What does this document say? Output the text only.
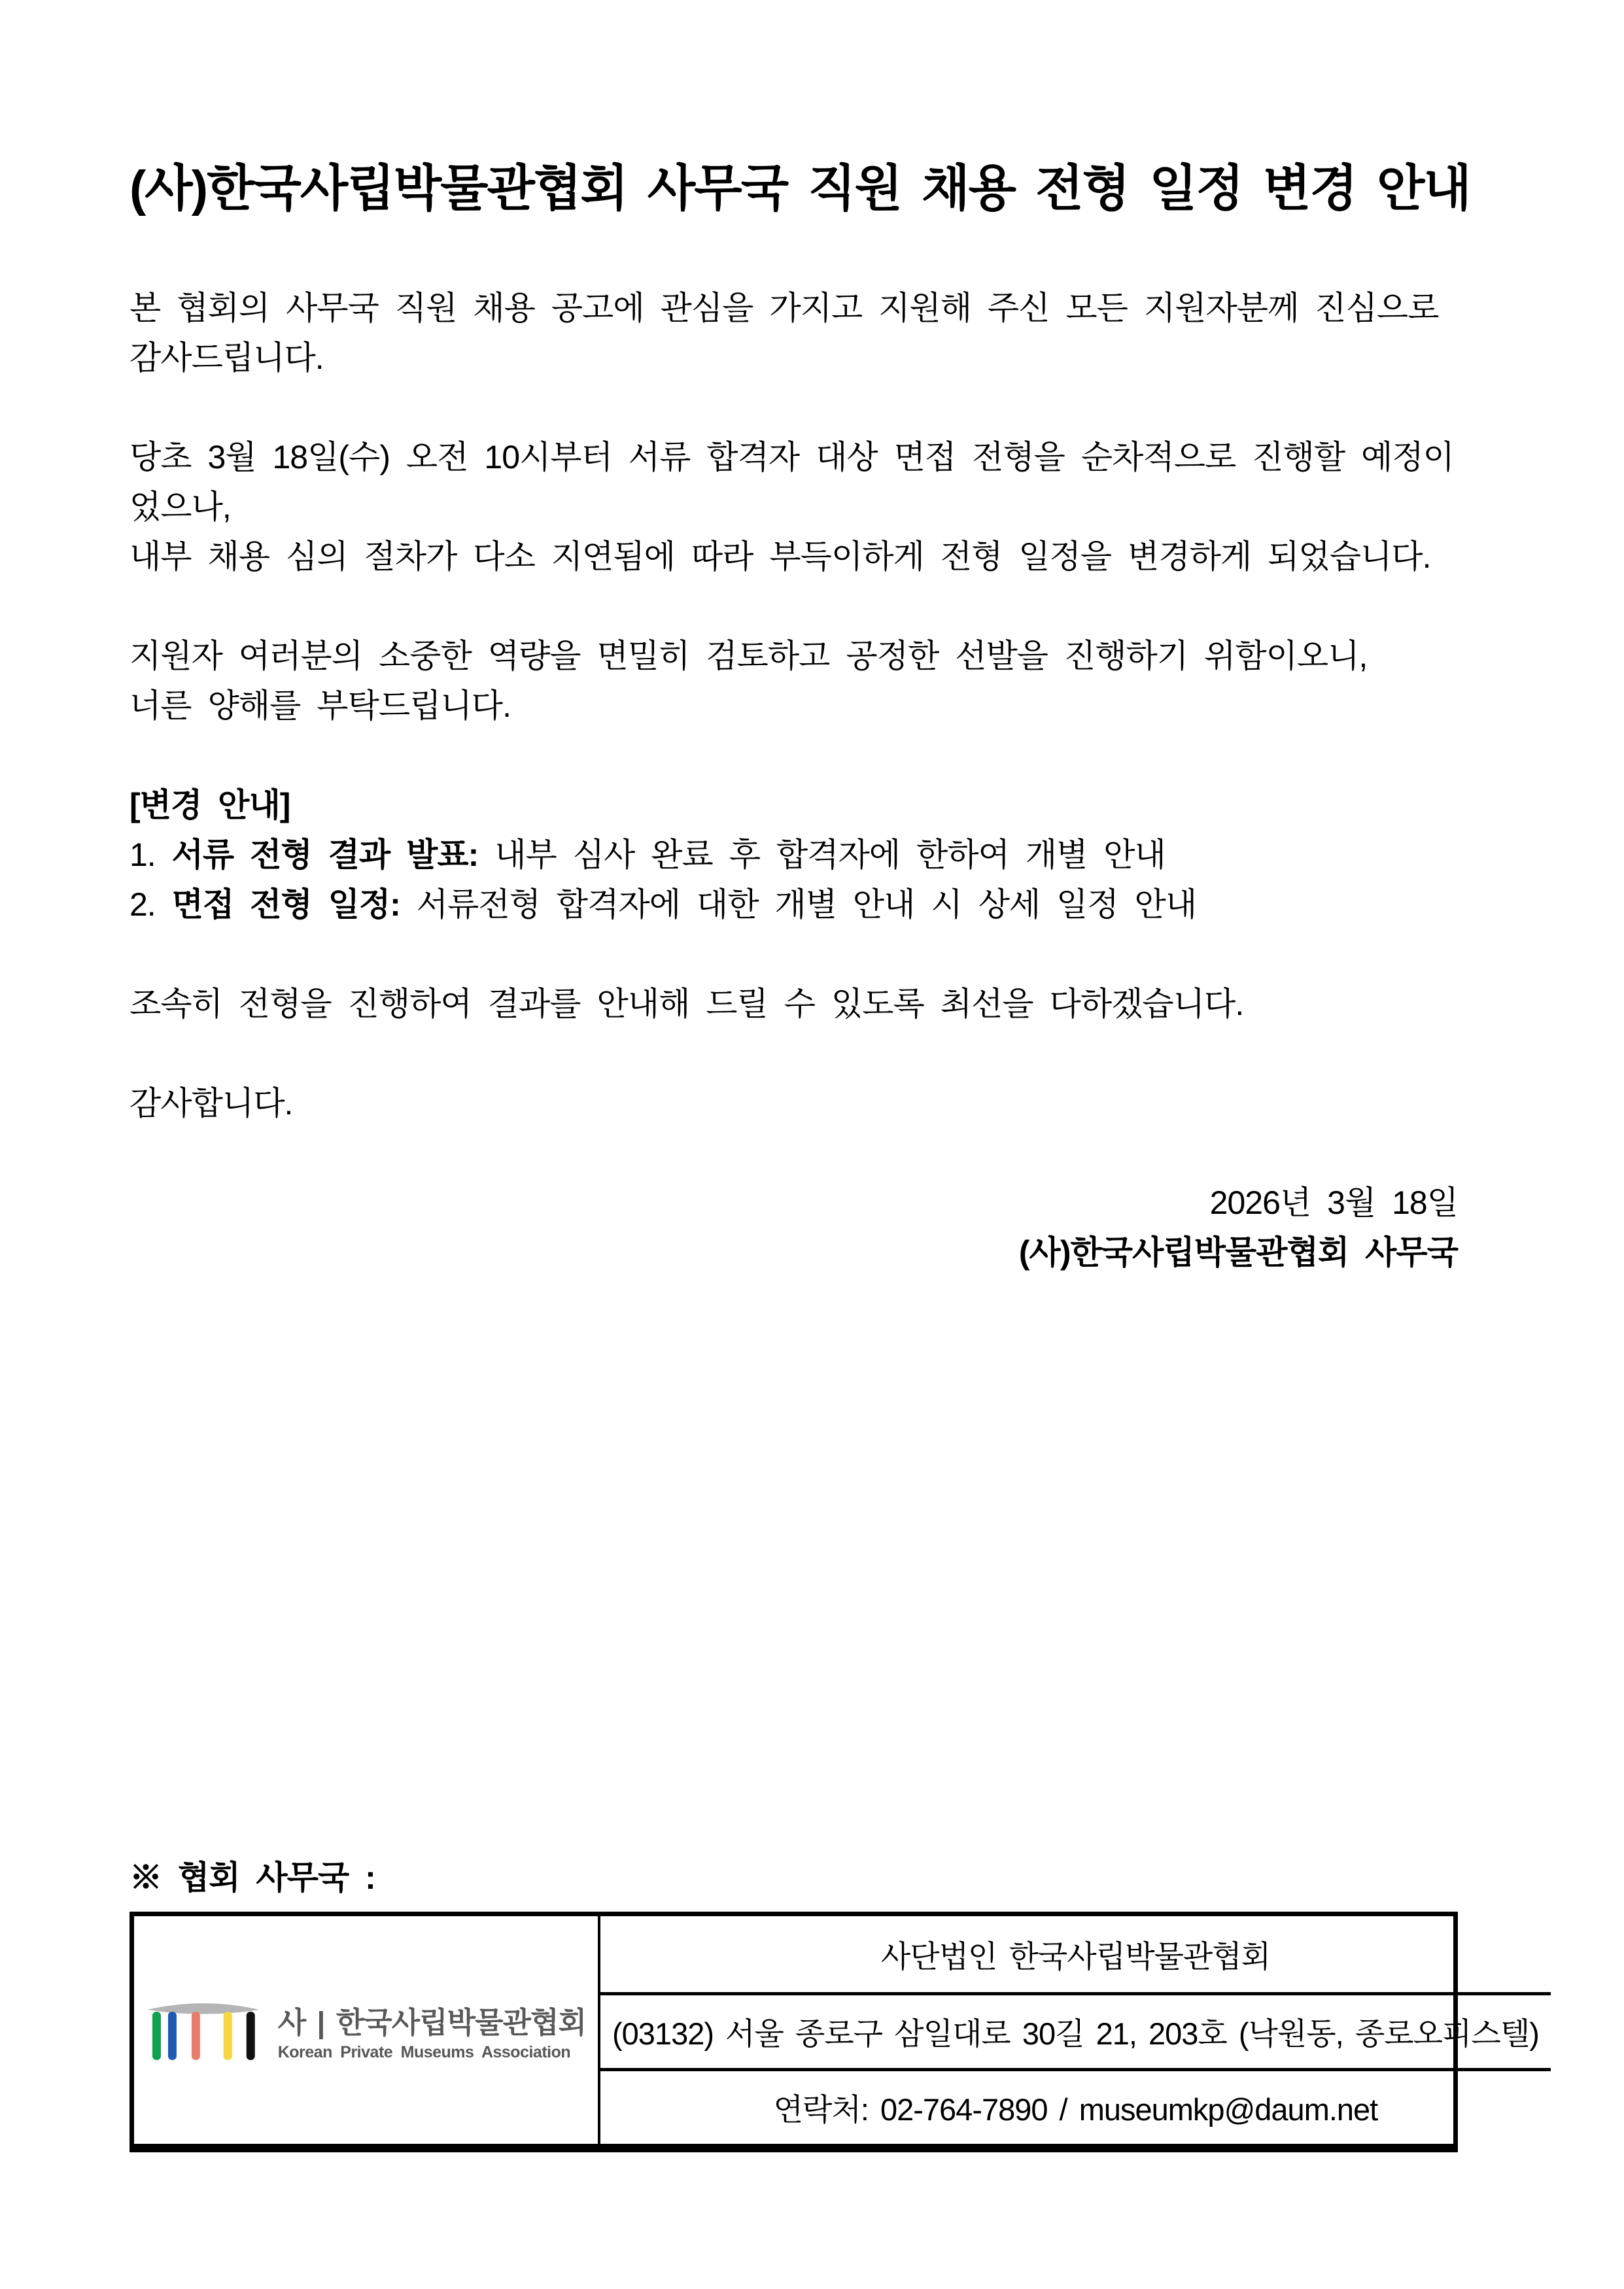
(사)한국사립박물관협회 사무국 직원 채용 전형 일정 변경 안내
본 협회의 사무국 직원 채용 공고에 관심을 가지고 지원해 주신 모든 지원자분께 진심으로 감사드립니다.
당초 3월 18일(수) 오전 10시부터 서류 합격자 대상 면접 전형을 순차적으로 진행할 예정이었으나,
내부 채용 심의 절차가 다소 지연됨에 따라 부득이하게 전형 일정을 변경하게 되었습니다.
지원자 여러분의 소중한 역량을 면밀히 검토하고 공정한 선발을 진행하기 위함이오니,
너른 양해를 부탁드립니다.
[변경 안내]
1. 서류 전형 결과 발표: 내부 심사 완료 후 합격자에 한하여 개별 안내
2. 면접 전형 일정: 서류전형 합격자에 대한 개별 안내 시 상세 일정 안내
조속히 전형을 진행하여 결과를 안내해 드릴 수 있도록 최선을 다하겠습니다.
감사합니다.
2026년 3월 18일
(사)한국사립박물관협회 사무국
※ 협회 사무국 :
사 | 한국사립박물관협회
Korean Private Museums Association
사단법인 한국사립박물관협회
(03132) 서울 종로구 삼일대로 30길 21, 203호 (낙원동, 종로오피스텔)
연락처: 02-764-7890 / museumkp@daum.net
